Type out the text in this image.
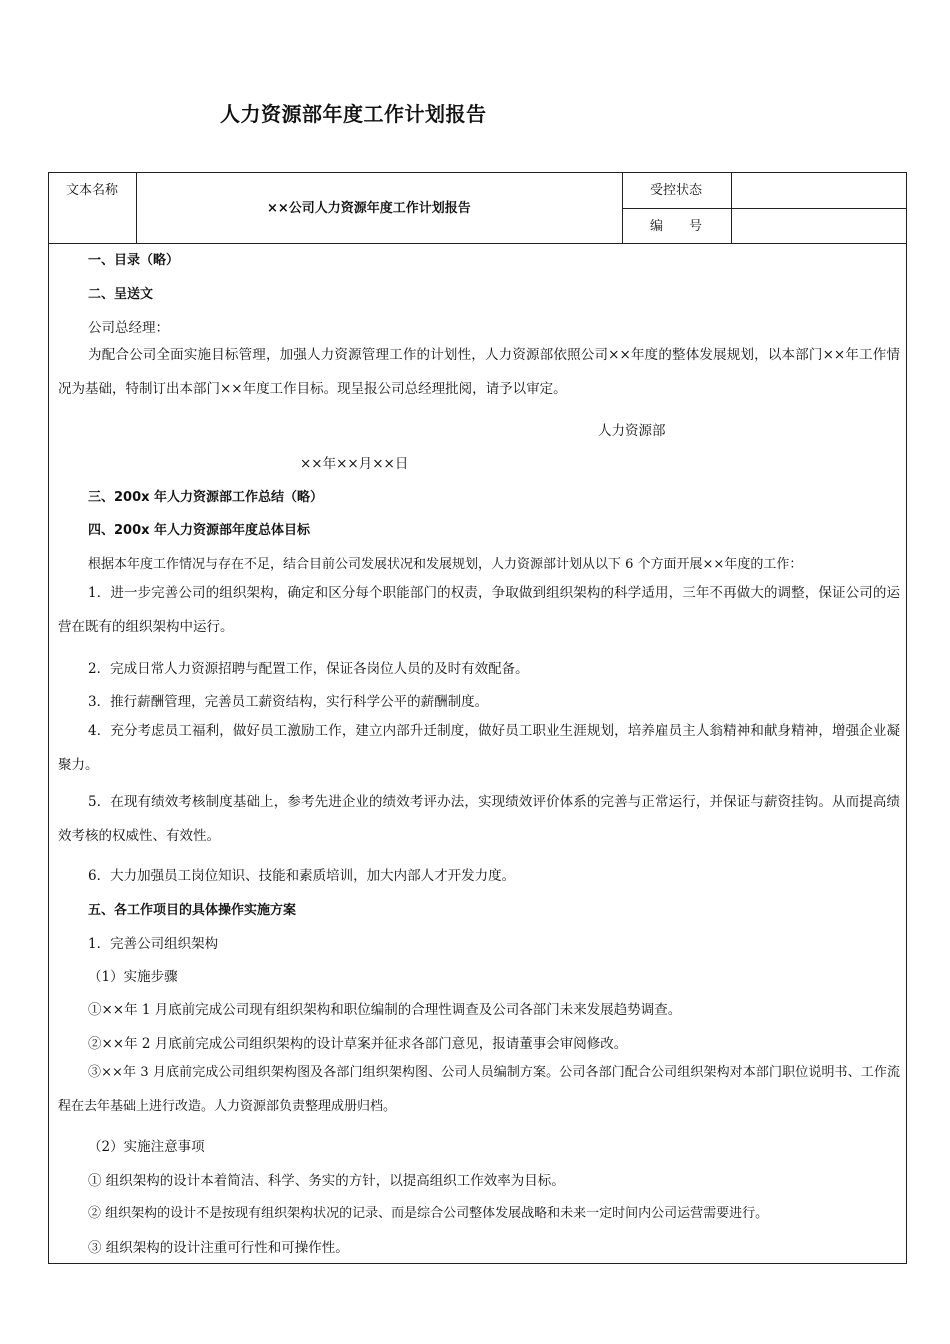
人力资源部年度工作计划报告
文本名称
××公司人力资源年度工作计划报告
受控状态
编　　号
一、目录（略）
二、呈送文
公司总经理：
为配合公司全面实施目标管理，加强人力资源管理工作的计划性，人力资源部依照公司××年度的整体发展规划，以本部门××年工作情况为基础，特制订出本部门××年度工作目标。现呈报公司总经理批阅，请予以审定。
人力资源部
××年××月××日
三、200x 年人力资源部工作总结（略）
四、200x 年人力资源部年度总体目标
根据本年度工作情况与存在不足，结合目前公司发展状况和发展规划，人力资源部计划从以下 6 个方面开展××年度的工作：
1．进一步完善公司的组织架构，确定和区分每个职能部门的权责，争取做到组织架构的科学适用，三年不再做大的调整，保证公司的运营在既有的组织架构中运行。
2．完成日常人力资源招聘与配置工作，保证各岗位人员的及时有效配备。
3．推行薪酬管理，完善员工薪资结构，实行科学公平的薪酬制度。
4．充分考虑员工福利，做好员工激励工作，建立内部升迁制度，做好员工职业生涯规划，培养雇员主人翁精神和献身精神，增强企业凝聚力。
5．在现有绩效考核制度基础上，参考先进企业的绩效考评办法，实现绩效评价体系的完善与正常运行，并保证与薪资挂钩。从而提高绩效考核的权威性、有效性。
6．大力加强员工岗位知识、技能和素质培训，加大内部人才开发力度。
五、各工作项目的具体操作实施方案
1．完善公司组织架构
（1）实施步骤
①××年 1 月底前完成公司现有组织架构和职位编制的合理性调查及公司各部门未来发展趋势调查。
②××年 2 月底前完成公司组织架构的设计草案并征求各部门意见，报请董事会审阅修改。
③××年 3 月底前完成公司组织架构图及各部门组织架构图、公司人员编制方案。公司各部门配合公司组织架构对本部门职位说明书、工作流程在去年基础上进行改造。人力资源部负责整理成册归档。
（2）实施注意事项
① 组织架构的设计本着简洁、科学、务实的方针，以提高组织工作效率为目标。
② 组织架构的设计不是按现有组织架构状况的记录、而是综合公司整体发展战略和未来一定时间内公司运营需要进行。
③ 组织架构的设计注重可行性和可操作性。
